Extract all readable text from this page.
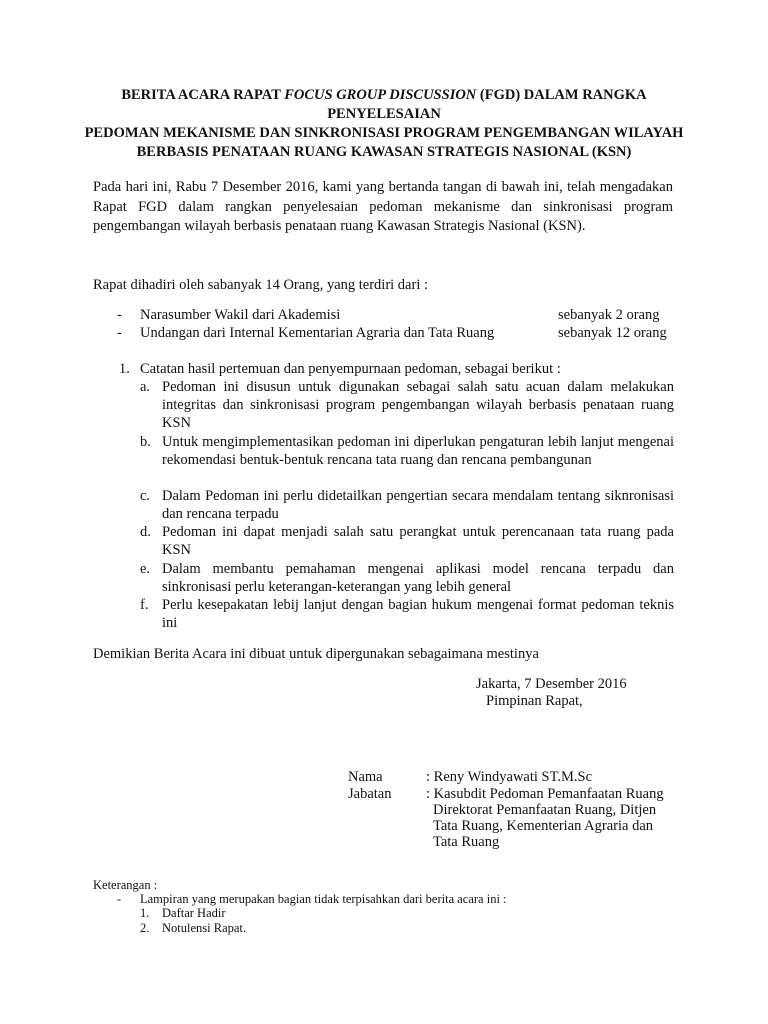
BERITA ACARA RAPAT FOCUS GROUP DISCUSSION (FGD) DALAM RANGKA PENYELESAIAN
PEDOMAN MEKANISME DAN SINKRONISASI PROGRAM PENGEMBANGAN WILAYAH
BERBASIS PENATAAN RUANG KAWASAN STRATEGIS NASIONAL (KSN)
Pada hari ini, Rabu 7 Desember 2016, kami yang bertanda tangan di bawah ini, telah mengadakan Rapat FGD dalam rangkan penyelesaian pedoman mekanisme dan sinkronisasi program pengembangan wilayah berbasis penataan ruang Kawasan Strategis Nasional (KSN).
Rapat dihadiri oleh sabanyak 14 Orang, yang terdiri dari :
- Narasumber Wakil dari Akademisi	sebanyak 2 orang
- Undangan dari Internal Kementarian Agraria dan Tata Ruang	sebanyak 12 orang
1. Catatan hasil pertemuan dan penyempurnaan pedoman, sebagai berikut :
a. Pedoman ini disusun untuk digunakan sebagai salah satu acuan dalam melakukan integritas dan sinkronisasi program pengembangan wilayah berbasis penataan ruang KSN
b. Untuk mengimplementasikan pedoman ini diperlukan pengaturan lebih lanjut mengenai rekomendasi bentuk-bentuk rencana tata ruang dan rencana pembangunan
c. Dalam Pedoman ini perlu didetailkan pengertian secara mendalam tentang siknronisasi dan rencana terpadu
d. Pedoman ini dapat menjadi salah satu perangkat untuk perencanaan tata ruang pada KSN
e. Dalam membantu pemahaman mengenai aplikasi model rencana terpadu dan sinkronisasi perlu keterangan-keterangan yang lebih general
f. Perlu kesepakatan lebij lanjut dengan bagian hukum mengenai format pedoman teknis ini
Demikian Berita Acara ini dibuat untuk dipergunakan sebagaimana mestinya
Jakarta, 7 Desember 2016
Pimpinan Rapat,
Nama	: Reny Windyawati ST.M.Sc
Jabatan : Kasubdit Pedoman Pemanfaatan Ruang
Direktorat Pemanfaatan Ruang, Ditjen
Tata Ruang, Kementerian Agraria dan
Tata Ruang
Keterangan :
- Lampiran yang merupakan bagian tidak terpisahkan dari berita acara ini :
1. Daftar Hadir
2. Notulensi Rapat.
